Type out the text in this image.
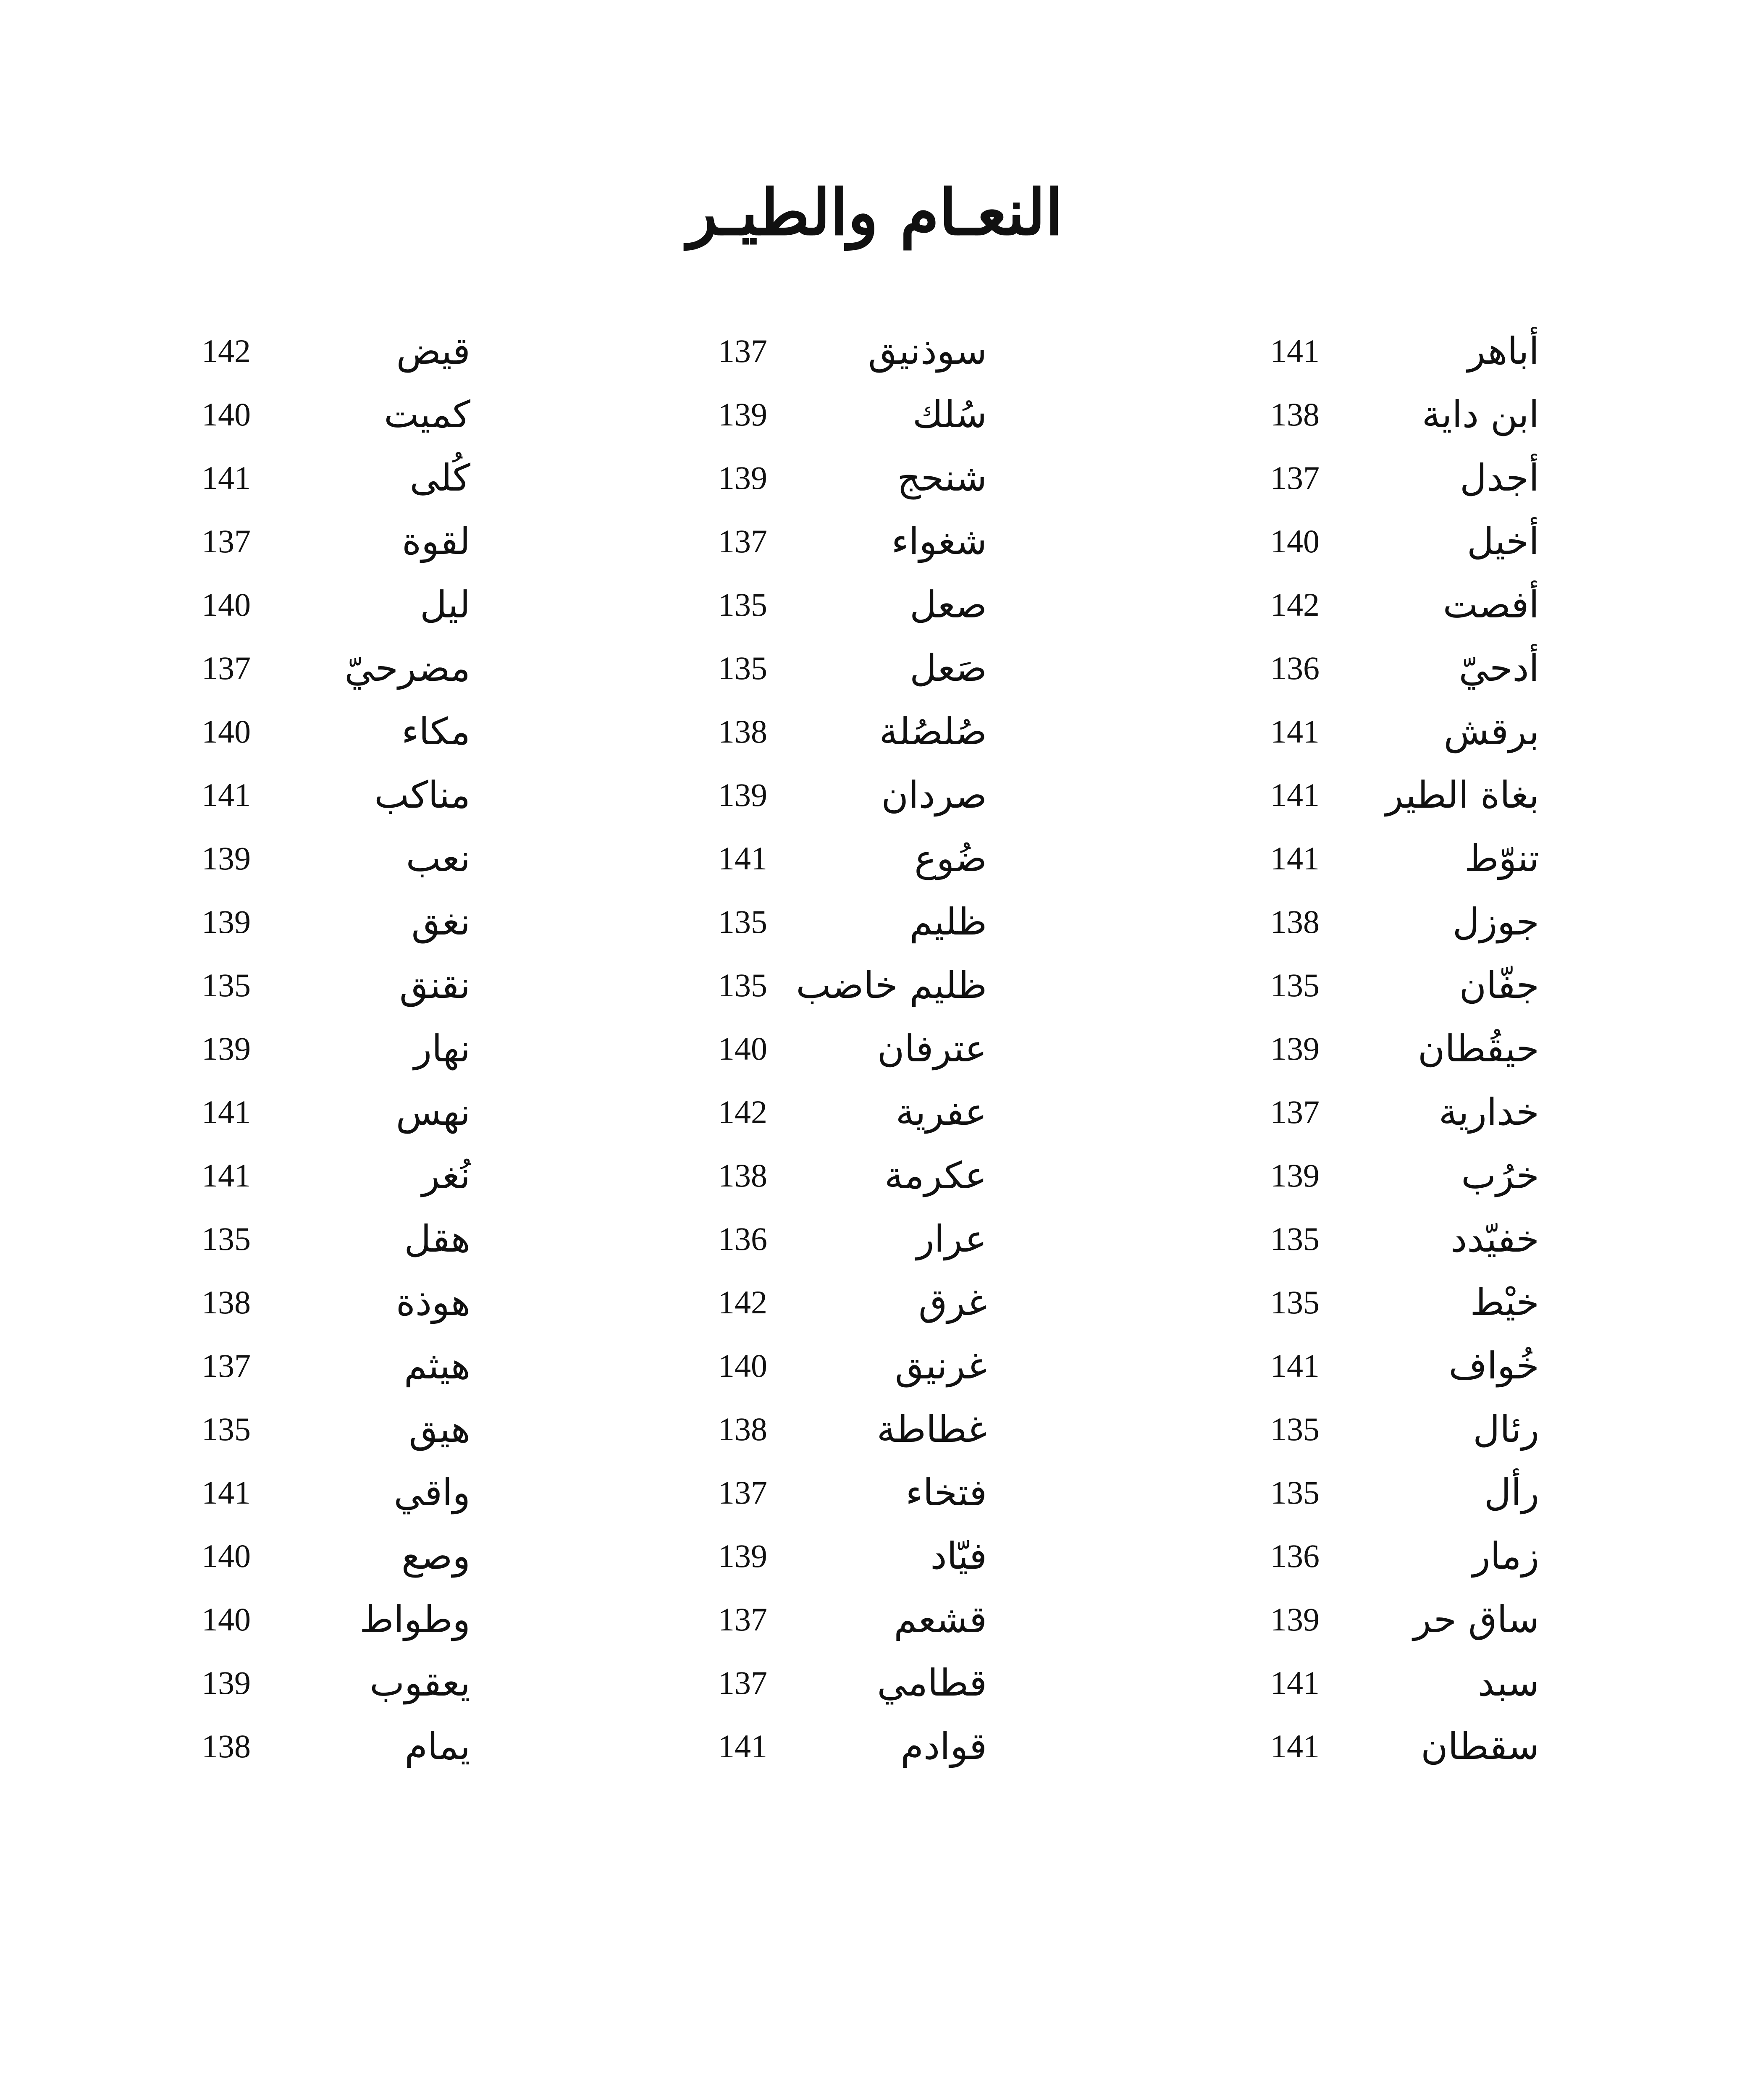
النعـام والطيـر
أباهر
141
ابن داية
138
أجدل
137
أخيل
140
أفصت
142
أدحيّ
136
برقش
141
بغاة الطير
141
تنوّط
141
جوزل
138
جفّان
135
حيقُطان
139
خدارية
137
خرُب
139
خفيّدد
135
خيْط
135
خُواف
141
رئال
135
رأل
135
زمار
136
ساق حر
139
سبد
141
سقطان
141
سوذنيق
137
سُلك
139
شنحج
139
شغواء
137
صعل
135
صَعل
135
صُلصُلة
138
صردان
139
ضُوع
141
ظليم
135
ظليم خاضب
135
عترفان
140
عفرية
142
عكرمة
138
عرار
136
غرق
142
غرنيق
140
غطاطة
138
فتخاء
137
فيّاد
139
قشعم
137
قطامي
137
قوادم
141
قيض
142
كميت
140
كُلى
141
لقوة
137
ليل
140
مضرحيّ
137
مكاء
140
مناكب
141
نعب
139
نغق
139
نقنق
135
نهار
139
نهس
141
نُغر
141
هقل
135
هوذة
138
هيثم
137
هيق
135
واقي
141
وصع
140
وطواط
140
يعقوب
139
يمام
138
